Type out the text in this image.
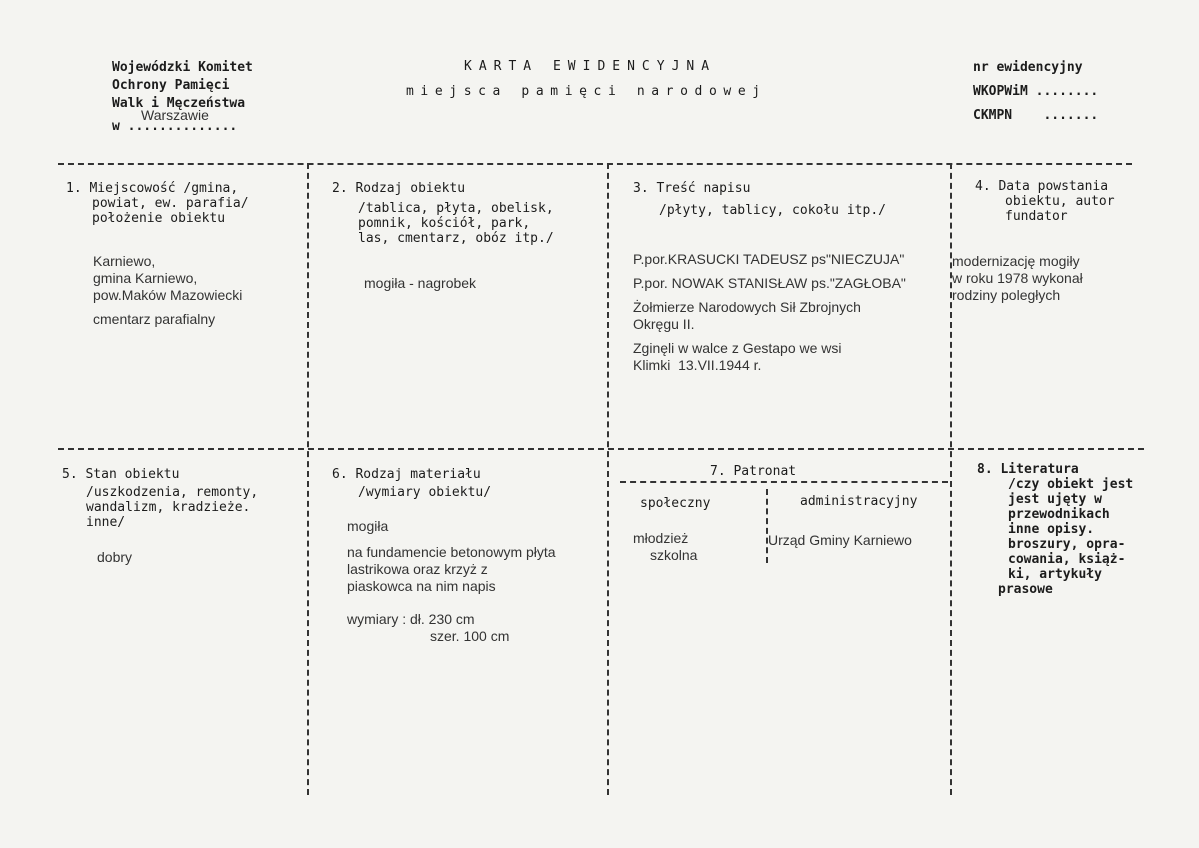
Wojewódzki Komitet
Ochrony Pamięci
Walk i Męczeństwa
w ..............
Warszawie
KARTA EWIDENCYJNA
miejsca pamięci narodowej
nr ewidencyjny
WKOPWiM ........
CKMPN    .......
1. Miejscowość /gmina,
powiat, ew. parafia/
położenie obiektu
Karniewo,
gmina Karniewo,
pow.Maków Mazowiecki
cmentarz parafialny
2. Rodzaj obiektu
/tablica, płyta, obelisk,
pomnik, kościół, park,
las, cmentarz, obóz itp./
mogiła - nagrobek
3. Treść napisu
/płyty, tablicy, cokołu itp./
P.por.KRASUCKI TADEUSZ ps"NIECZUJA"
P.por. NOWAK STANISŁAW ps."ZAGŁOBA"
Żołmierze Narodowych Sił Zbrojnych
Okręgu II.
Zginęli w walce z Gestapo we wsi
Klimki  13.VII.1944 r.
4. Data powstania
obiektu, autor
fundator
modernizację mogiły
w roku 1978 wykonał
rodziny poległych
5. Stan obiektu
/uszkodzenia, remonty,
wandalizm, kradzieże.
inne/
dobry
6. Rodzaj materiału
/wymiary obiektu/
mogiła
na fundamencie betonowym płyta
lastrikowa oraz krzyż z
piaskowca na nim napis
wymiary : dł. 230 cm
szer. 100 cm
7. Patronat
społeczny	administracyjny
młodzież
szkolna
Urząd Gminy Karniewo
8. Literatura
/czy obiekt jest
jest ujęty w
przewodnikach
inne opisy.
broszury, opra-
cowania, książ-
ki, artykuły
prasowe
